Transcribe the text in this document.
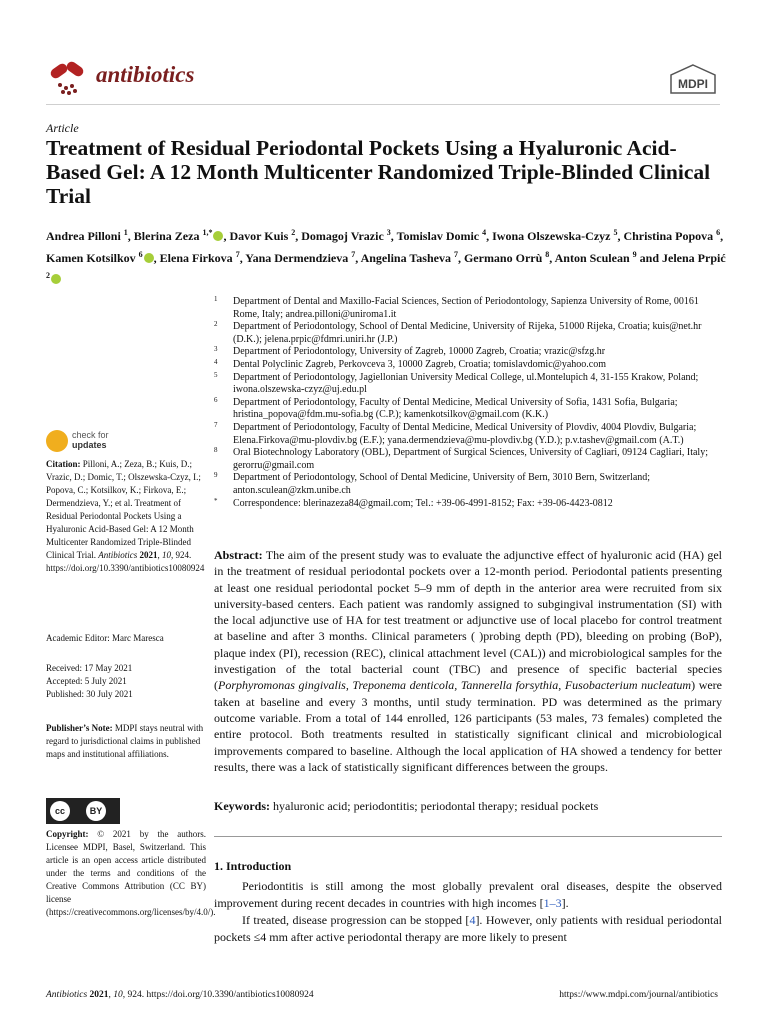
antibiotics	MDPI
Article
Treatment of Residual Periodontal Pockets Using a Hyaluronic Acid-Based Gel: A 12 Month Multicenter Randomized Triple-Blinded Clinical Trial
Andrea Pilloni $^1$, Blerina Zeza $^{1,*}$ , Davor Kuis $^2$, Domagoj Vrazic $^3$, Tomislav Domic $^4$, Iwona Olszewska-Czyz $^5$, Christina Popova $^6$, Kamen Kotsilkov $^6$ , Elena Firkova $^7$, Yana Dermendzieva $^7$, Angelina Tasheva $^7$, Germano Orrù $^8$, Anton Sculean $^9$ and Jelena Prpić $^2$
1 Department of Dental and Maxillo-Facial Sciences, Section of Periodontology, Sapienza University of Rome, 00161 Rome, Italy; andrea.pilloni@uniroma1.it
2 Department of Periodontology, School of Dental Medicine, University of Rijeka, 51000 Rijeka, Croatia; kuis@net.hr (D.K.); jelena.prpic@fdmri.uniri.hr (J.P.)
3 Department of Periodontology, University of Zagreb, 10000 Zagreb, Croatia; vrazic@sfzg.hr
4 Dental Polyclinic Zagreb, Perkovceva 3, 10000 Zagreb, Croatia; tomislavdomic@yahoo.com
5 Department of Periodontology, Jagiellonian University Medical College, ul.Montelupich 4, 31-155 Krakow, Poland; iwona.olszewska-czyz@uj.edu.pl
6 Department of Periodontology, Faculty of Dental Medicine, Medical University of Sofia, 1431 Sofia, Bulgaria; hristina_popova@fdm.mu-sofia.bg (C.P.); kamenkotsilkov@gmail.com (K.K.)
7 Department of Periodontology, Faculty of Dental Medicine, Medical University of Plovdiv, 4004 Plovdiv, Bulgaria; Elena.Firkova@mu-plovdiv.bg (E.F.); yana.dermendzieva@mu-plovdiv.bg (Y.D.); p.v.tashev@gmail.com (A.T.)
8 Oral Biotechnology Laboratory (OBL), Department of Surgical Sciences, University of Cagliari, 09124 Cagliari, Italy; gerorru@gmail.com
9 Department of Periodontology, School of Dental Medicine, University of Bern, 3010 Bern, Switzerland; anton.sculean@zkm.unibe.ch
* Correspondence: blerinazeza84@gmail.com; Tel.: +39-06-4991-8152; Fax: +39-06-4423-0812
check for
updates
Citation: Pilloni, A.; Zeza, B.; Kuis, D.; Vrazic, D.; Domic, T.; Olszewska-Czyz, I.; Popova, C.; Kotsilkov, K.; Firkova, E.; Dermendzieva, Y.; et al. Treatment of Residual Periodontal Pockets Using a Hyaluronic Acid-Based Gel: A 12 Month Multicenter Randomized Triple-Blinded Clinical Trial. Antibiotics 2021, 10, 924. https://doi.org/10.3390/antibiotics10080924
Academic Editor: Marc Maresca
Received: 17 May 2021
Accepted: 5 July 2021
Published: 30 July 2021
Publisher’s Note: MDPI stays neutral with regard to jurisdictional claims in published maps and institutional affiliations.
cc	BY
Copyright: © 2021 by the authors. Licensee MDPI, Basel, Switzerland. This article is an open access article distributed under the terms and conditions of the Creative Commons Attribution (CC BY) license (https://creativecommons.org/licenses/by/4.0/).
Abstract: The aim of the present study was to evaluate the adjunctive effect of hyaluronic acid (HA) gel in the treatment of residual periodontal pockets over a 12-month period. Periodontal patients presenting at least one residual periodontal pocket 5–9 mm of depth in the anterior area were recruited from six university-based centers. Each patient was randomly assigned to subgingival instrumentation (SI) with the local adjunctive use of HA for test treatment or adjunctive use of local placebo for control treatment at baseline and after 3 months. Clinical parameters ( )probing depth (PD), bleeding on probing (BoP), plaque index (PI), recession (REC), clinical attachment level (CAL)) and microbiological samples for the investigation of the total bacterial count (TBC) and presence of specific bacterial species (Porphyromonas gingivalis, Treponema denticola, Tannerella forsythia, Fusobacterium nucleatum) were taken at baseline and every 3 months, until study termination. PD was determined as the primary outcome variable. From a total of 144 enrolled, 126 participants (53 males, 73 females) completed the entire protocol. Both treatments resulted in statistically significant clinical and microbiological improvements compared to baseline. Although the local application of HA showed a tendency for better results, there was a lack of statistically significant differences between the groups.
Keywords: hyaluronic acid; periodontitis; periodontal therapy; residual pockets
1. Introduction

Periodontitis is still among the most globally prevalent oral diseases, despite the observed improvement during recent decades in countries with high incomes [1–3].

If treated, disease progression can be stopped [4]. However, only patients with residual periodontal pockets ≤4 mm after active periodontal therapy are more likely to present

Antibiotics 2021, 10, 924. https://doi.org/10.3390/antibiotics10080924	https://www.mdpi.com/journal/antibiotics
